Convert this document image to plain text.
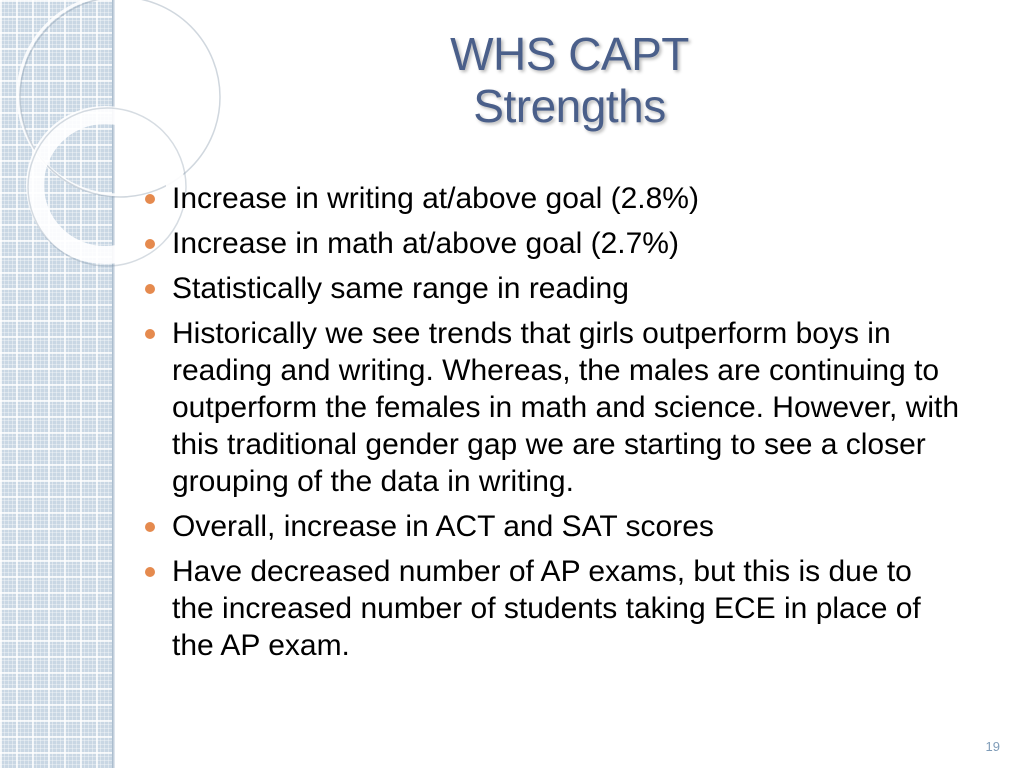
WHS CAPT
Strengths
Increase in writing at/above goal (2.8%)
Increase in math at/above goal (2.7%)
Statistically same range in reading
Historically we see trends that girls outperform boys in reading and writing. Whereas, the males are continuing to outperform the females in math and science. However, with this traditional gender gap we are starting to see a closer grouping of the data in writing.
Overall, increase in ACT and SAT scores
Have decreased number of AP exams, but this is due to the increased number of students taking ECE in place of the AP exam.
19
